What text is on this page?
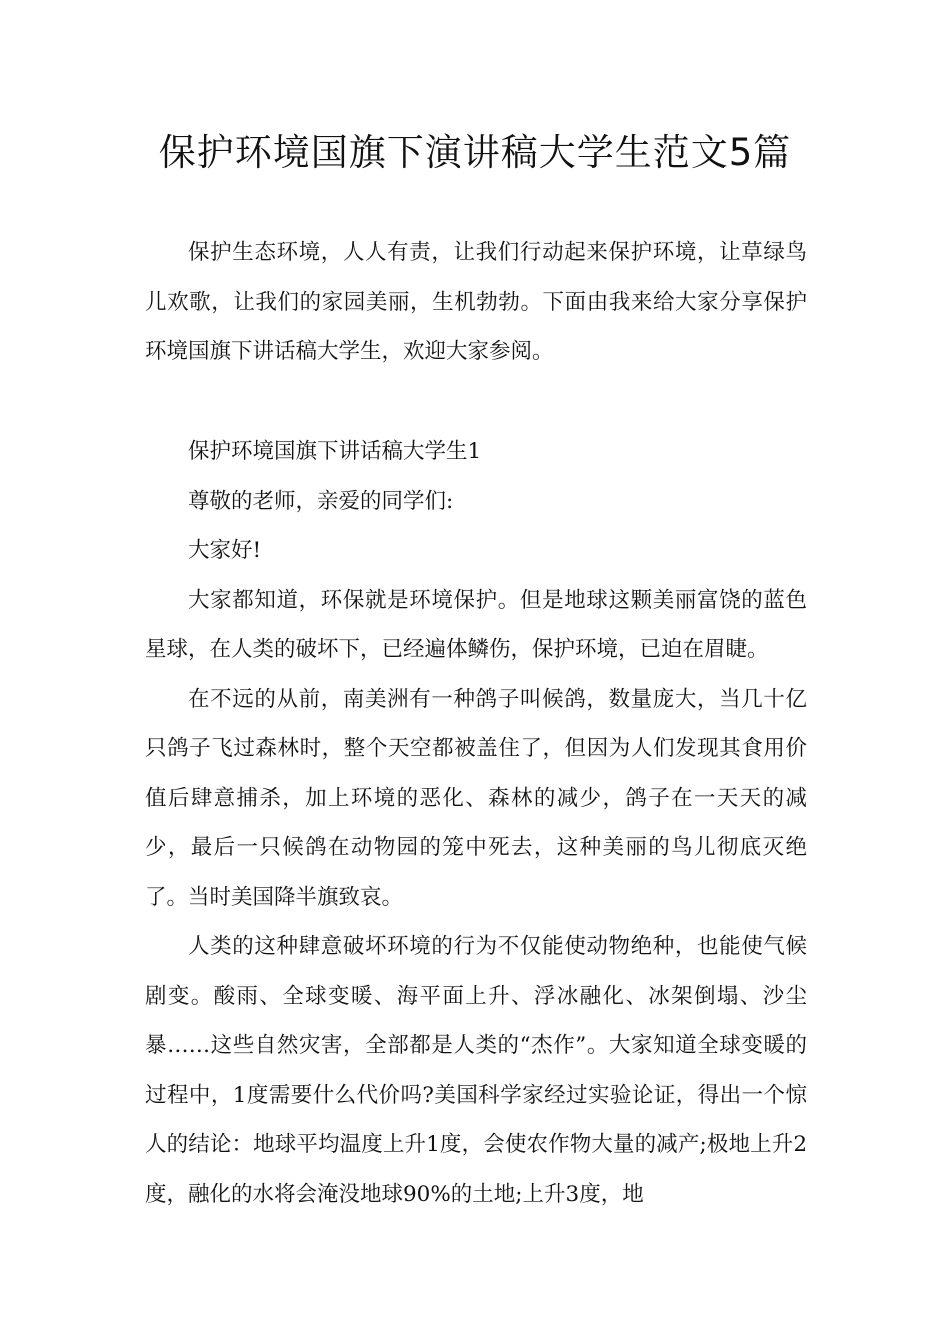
保护环境国旗下演讲稿大学生范文5篇

保护生态环境，人人有责，让我们行动起来保护环境，让草绿鸟儿欢歌，让我们的家园美丽，生机勃勃。下面由我来给大家分享保护环境国旗下讲话稿大学生，欢迎大家参阅。

保护环境国旗下讲话稿大学生1

尊敬的老师，亲爱的同学们:

大家好!

大家都知道，环保就是环境保护。但是地球这颗美丽富饶的蓝色星球，在人类的破坏下，已经遍体鳞伤，保护环境，已迫在眉睫。

在不远的从前，南美洲有一种鸽子叫候鸽，数量庞大，当几十亿只鸽子飞过森林时，整个天空都被盖住了，但因为人们发现其食用价值后肆意捕杀，加上环境的恶化、森林的减少，鸽子在一天天的减少，最后一只候鸽在动物园的笼中死去，这种美丽的鸟儿彻底灭绝了。当时美国降半旗致哀。

人类的这种肆意破坏环境的行为不仅能使动物绝种，也能使气候剧变。酸雨、全球变暖、海平面上升、浮冰融化、冰架倒塌、沙尘暴……这些自然灾害，全部都是人类的“杰作”。大家知道全球变暖的过程中，1度需要什么代价吗?美国科学家经过实验论证，得出一个惊人的结论：地球平均温度上升1度，会使农作物大量的减产;极地上升2度，融化的水将会淹没地球90%的土地;上升3度，地
